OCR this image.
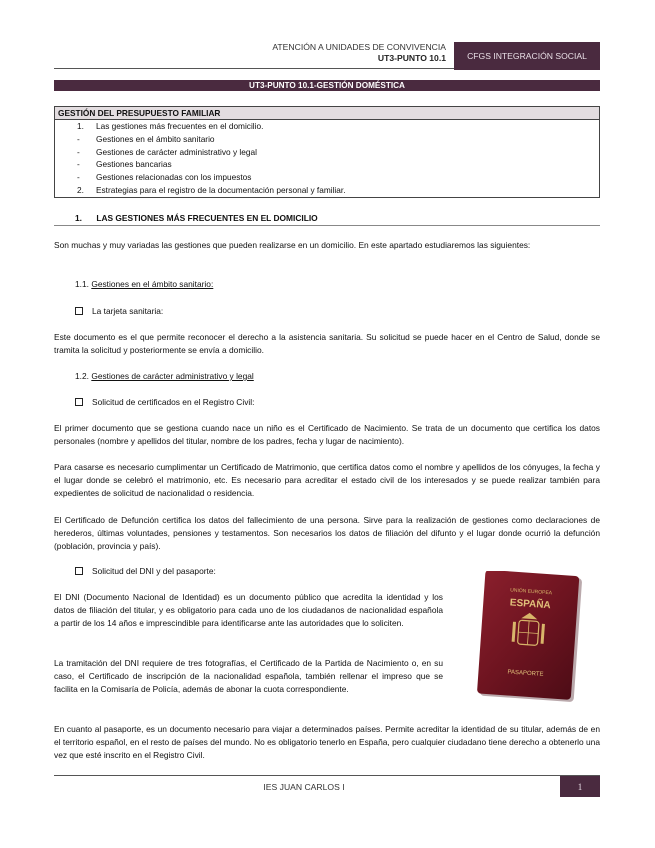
ATENCIÓN A UNIDADES DE CONVIVENCIA
UT3-PUNTO 10.1	CFGS INTEGRACIÓN SOCIAL
UT3-PUNTO 10.1-GESTIÓN DOMÉSTICA
GESTIÓN DEL PRESUPUESTO FAMILIAR
1. Las gestiones más frecuentes en el domicilio.
- Gestiones en el ámbito sanitario
- Gestiones de carácter administrativo y legal
- Gestiones bancarias
- Gestiones relacionadas con los impuestos
2. Estrategias para el registro de la documentación personal y familiar.
1. LAS GESTIONES MÁS FRECUENTES EN EL DOMICILIO
Son muchas y muy variadas las gestiones que pueden realizarse en un domicilio. En este apartado estudiaremos las siguientes:
1.1. Gestiones en el ámbito sanitario:
La tarjeta sanitaria:
Este documento es el que permite reconocer el derecho a la asistencia sanitaria. Su solicitud se puede hacer en el Centro de Salud, donde se tramita la solicitud y posteriormente se envía a domicilio.
1.2. Gestiones de carácter administrativo y legal
Solicitud de certificados en el Registro Civil:
El primer documento que se gestiona cuando nace un niño es el Certificado de Nacimiento. Se trata de un documento que certifica los datos personales (nombre y apellidos del titular, nombre de los padres, fecha y lugar de nacimiento).
Para casarse es necesario cumplimentar un Certificado de Matrimonio, que certifica datos como el nombre y apellidos de los cónyuges, la fecha y el lugar donde se celebró el matrimonio, etc. Es necesario para acreditar el estado civil de los interesados y se puede realizar también para expedientes de solicitud de nacionalidad o residencia.
El Certificado de Defunción certifica los datos del fallecimiento de una persona. Sirve para la realización de gestiones como declaraciones de herederos, últimas voluntades, pensiones y testamentos. Son necesarios los datos de filiación del difunto y el lugar donde ocurrió la defunción (población, provincia y país).
Solicitud del DNI y del pasaporte:
El DNI (Documento Nacional de Identidad) es un documento público que acredita la identidad y los datos de filiación del titular, y es obligatorio para cada uno de los ciudadanos de nacionalidad española a partir de los 14 años e imprescindible para identificarse ante las autoridades que lo soliciten.
La tramitación del DNI requiere de tres fotografías, el Certificado de la Partida de Nacimiento o, en su caso, el Certificado de inscripción de la nacionalidad española, también rellenar el impreso que se facilita en la Comisaría de Policía, además de abonar la cuota correspondiente.
En cuanto al pasaporte, es un documento necesario para viajar a determinados países. Permite acreditar la identidad de su titular, además de en el territorio español, en el resto de países del mundo. No es obligatorio tenerlo en España, pero cualquier ciudadano tiene derecho a obtenerlo una vez que esté inscrito en el Registro Civil.
UNIÓN EUROPEA
ESPAÑA
PASAPORTE
IES JUAN CARLOS I	1
